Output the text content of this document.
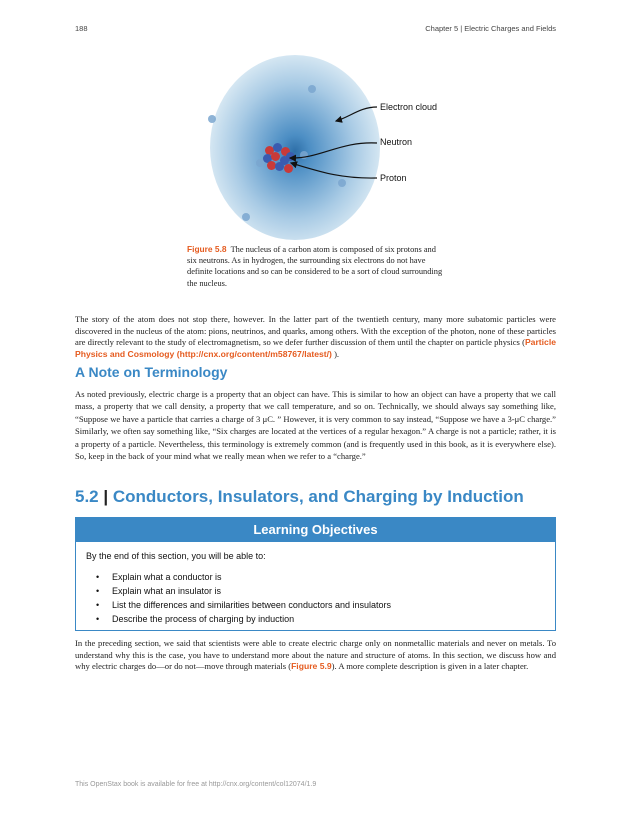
188	Chapter 5 | Electric Charges and Fields
Electron cloud
Neutron
Proton
Figure 5.8 The nucleus of a carbon atom is composed of six protons and six neutrons. As in hydrogen, the surrounding six electrons do not have definite locations and so can be considered to be a sort of cloud surrounding the nucleus.
The story of the atom does not stop there, however. In the latter part of the twentieth century, many more subatomic particles were discovered in the nucleus of the atom: pions, neutrinos, and quarks, among others. With the exception of the photon, none of these particles are directly relevant to the study of electromagnetism, so we defer further discussion of them until the chapter on particle physics (Particle Physics and Cosmology (http://cnx.org/content/m58767/latest/) ).
A Note on Terminology
As noted previously, electric charge is a property that an object can have. This is similar to how an object can have a property that we call mass, a property that we call density, a property that we call temperature, and so on. Technically, we should always say something like, “Suppose we have a particle that carries a charge of 3 μC. ” However, it is very common to say instead, “Suppose we have a 3-μC charge.” Similarly, we often say something like, “Six charges are located at the vertices of a regular hexagon.” A charge is not a particle; rather, it is a property of a particle. Nevertheless, this terminology is extremely common (and is frequently used in this book, as it is everywhere else). So, keep in the back of your mind what we really mean when we refer to a “charge.”
5.2 | Conductors, Insulators, and Charging by Induction
Learning Objectives
By the end of this section, you will be able to:
• Explain what a conductor is
• Explain what an insulator is
• List the differences and similarities between conductors and insulators
• Describe the process of charging by induction
In the preceding section, we said that scientists were able to create electric charge only on nonmetallic materials and never on metals. To understand why this is the case, you have to understand more about the nature and structure of atoms. In this section, we discuss how and why electric charges do—or do not—move through materials (Figure 5.9). A more complete description is given in a later chapter.
This OpenStax book is available for free at http://cnx.org/content/col12074/1.9
